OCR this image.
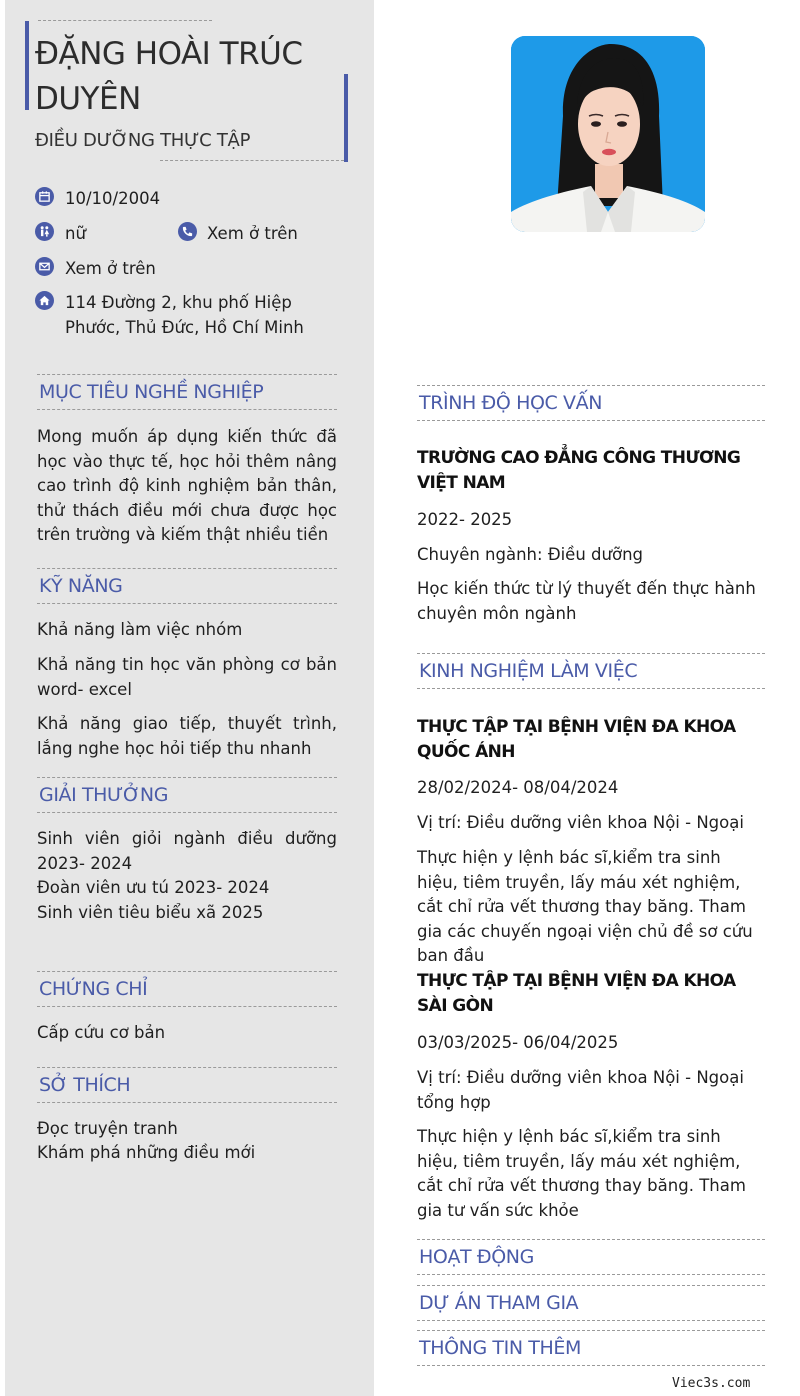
ĐẶNG HOÀI TRÚC DUYÊN
ĐIỀU DƯỠNG THỰC TẬP
10/10/2004
nữ	Xem ở trên
Xem ở trên
114 Đường 2, khu phố Hiệp Phước, Thủ Đức, Hồ Chí Minh
MỤC TIÊU NGHỀ NGHIỆP
Mong muốn áp dụng kiến thức đã học vào thực tế, học hỏi thêm nâng cao trình độ kinh nghiệm bản thân, thử thách điều mới chưa được học trên trường và kiếm thật nhiều tiền
KỸ NĂNG
Khả năng làm việc nhóm
Khả năng tin học văn phòng cơ bản word- excel
Khả năng giao tiếp, thuyết trình, lắng nghe học hỏi tiếp thu nhanh
GIẢI THƯỞNG
Sinh viên giỏi ngành điều dưỡng 2023- 2024
Đoàn viên ưu tú 2023- 2024
Sinh viên tiêu biểu xã 2025
CHỨNG CHỈ
Cấp cứu cơ bản
SỞ THÍCH
Đọc truyện tranh
Khám phá những điều mới
TRÌNH ĐỘ HỌC VẤN
TRƯỜNG CAO ĐẲNG CÔNG THƯƠNG VIỆT NAM
2022- 2025
Chuyên ngành: Điều dưỡng
Học kiến thức từ lý thuyết đến thực hành chuyên môn ngành
KINH NGHIỆM LÀM VIỆC
THỰC TẬP TẠI BỆNH VIỆN ĐA KHOA QUỐC ÁNH
28/02/2024- 08/04/2024
Vị trí: Điều dưỡng viên khoa Nội - Ngoại
Thực hiện y lệnh bác sĩ,kiểm tra sinh hiệu, tiêm truyền, lấy máu xét nghiệm, cắt chỉ rửa vết thương thay băng. Tham gia các chuyến ngoại viện chủ đề sơ cứu ban đầu
THỰC TẬP TẠI BỆNH VIỆN ĐA KHOA SÀI GÒN
03/03/2025- 06/04/2025
Vị trí: Điều dưỡng viên khoa Nội - Ngoại tổng hợp
Thực hiện y lệnh bác sĩ,kiểm tra sinh hiệu, tiêm truyền, lấy máu xét nghiệm, cắt chỉ rửa vết thương thay băng. Tham gia tư vấn sức khỏe
HOẠT ĐỘNG
DỰ ÁN THAM GIA
THÔNG TIN THÊM
Viec3s.com
